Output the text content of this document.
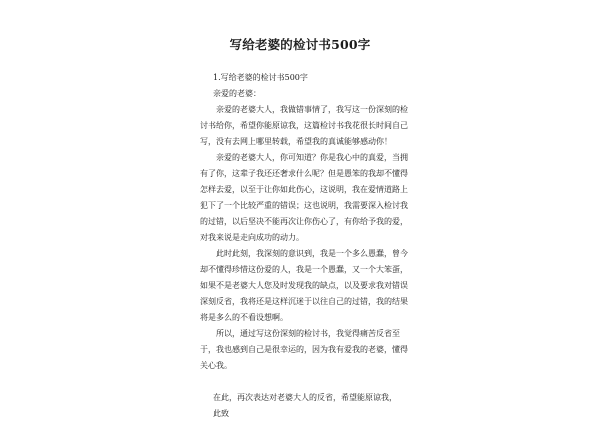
写给老婆的检讨书500字

1.写给老婆的检讨书500字

亲爱的老婆：

亲爱的老婆大人，我做错事情了，我写这一份深刻的检讨书给你，希望你能原谅我，这篇检讨书我花很长时间自己写，没有去网上哪里转载，希望我的真诚能够感动你！

亲爱的老婆大人，你可知道？你是我心中的真爱，当拥有了你，这辈子我还还奢求什么呢？但是愚笨的我却不懂得怎样去爱，以至于让你如此伤心，这说明，我在爱情道路上犯下了一个比较严重的错误；这也说明，我需要深入检讨我的过错，以后坚决不能再次让你伤心了，有你给予我的爱，对我来说是走向成功的动力。

此时此刻，我深刻的意识到，我是一个多么愚蠢，曾今却不懂得珍惜这份爱的人，我是一个愚蠢，又一个大笨蛋，如果不是老婆大人您及时发现我的缺点，以及要求我对错误深刻反省，我将还是这样沉迷于以往自己的过错，我的结果将是多么的不看设想啊。

所以，通过写这份深刻的检讨书，我觉得痛苦反省至于，我也感到自己是很幸运的，因为我有爱我的老婆，懂得关心我。

在此，再次表达对老婆大人的反省，希望能原谅我，

此致
